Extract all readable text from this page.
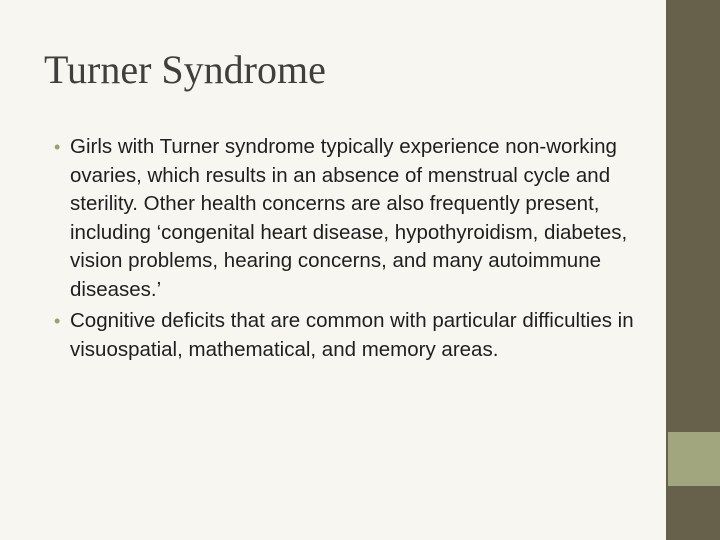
Turner Syndrome
• Girls with Turner syndrome typically experience non-working ovaries, which results in an absence of menstrual cycle and sterility. Other health concerns are also frequently present, including ‘congenital heart disease, hypothyroidism, diabetes, vision problems, hearing concerns, and many autoimmune diseases.’
• Cognitive deficits that are common with particular difficulties in visuospatial, mathematical, and memory areas.
